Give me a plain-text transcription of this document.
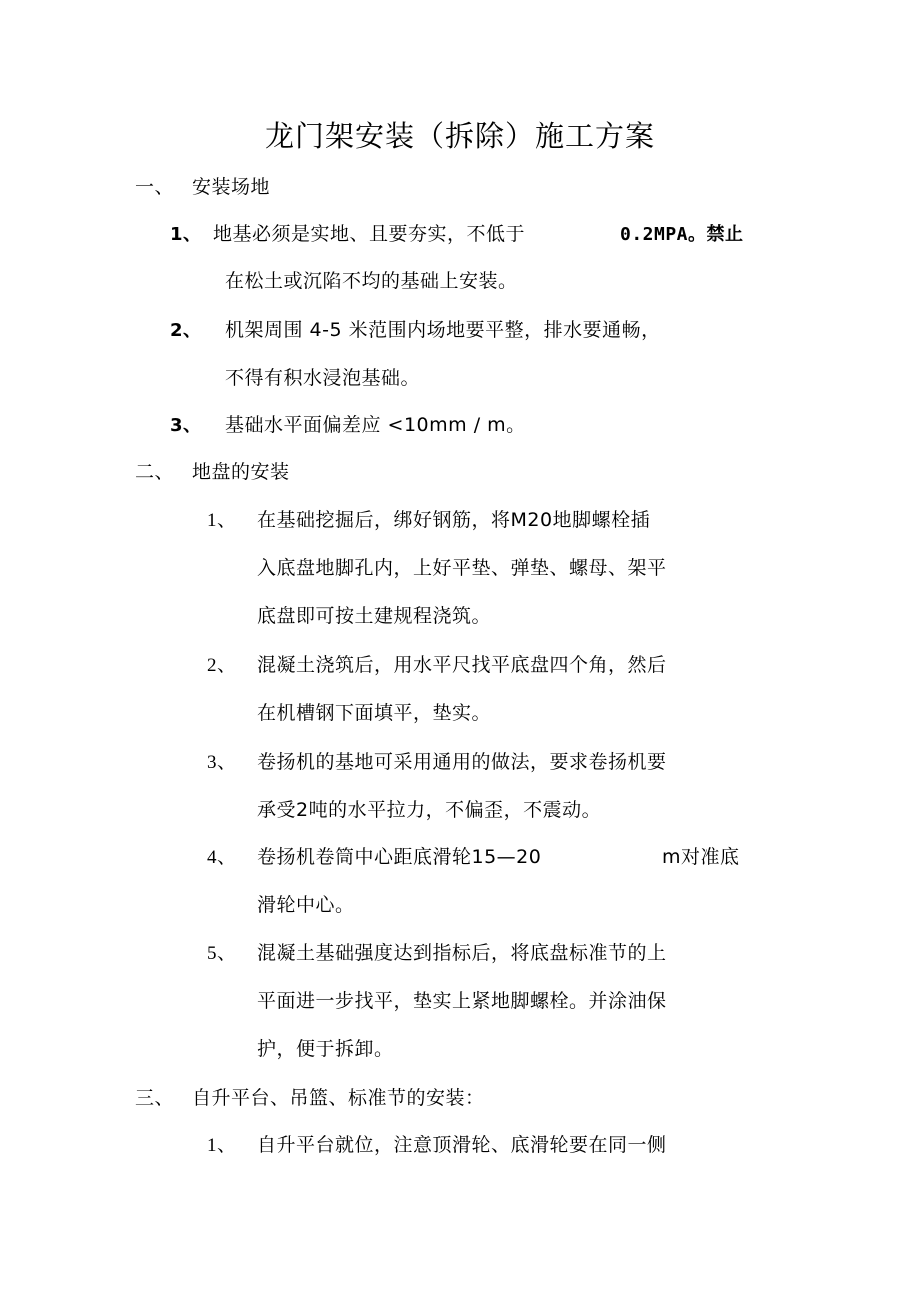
龙门架安装（拆除）施工方案
一、 安装场地
1、 地基必须是实地、且要夯实，不低于	0.2MPA。禁止
在松土或沉陷不均的基础上安装。
2、 机架周围 4-5 米范围内场地要平整，排水要通畅，
不得有积水浸泡基础。
3、 基础水平面偏差应 <10mm / m。
二、 地盘的安装
1、 在基础挖掘后，绑好钢筋，将M20地脚螺栓插
入底盘地脚孔内，上好平垫、弹垫、螺母、架平
底盘即可按土建规程浇筑。
2、 混凝土浇筑后，用水平尺找平底盘四个角，然后
在机槽钢下面填平，垫实。
3、 卷扬机的基地可采用通用的做法，要求卷扬机要
承受2吨的水平拉力，不偏歪，不震动。
4、 卷扬机卷筒中心距底滑轮15—20	m对准底
滑轮中心。
5、 混凝土基础强度达到指标后，将底盘标准节的上
平面进一步找平，垫实上紧地脚螺栓。并涂油保
护，便于拆卸。
三、 自升平台、吊篮、标准节的安装：
1、 自升平台就位，注意顶滑轮、底滑轮要在同一侧
